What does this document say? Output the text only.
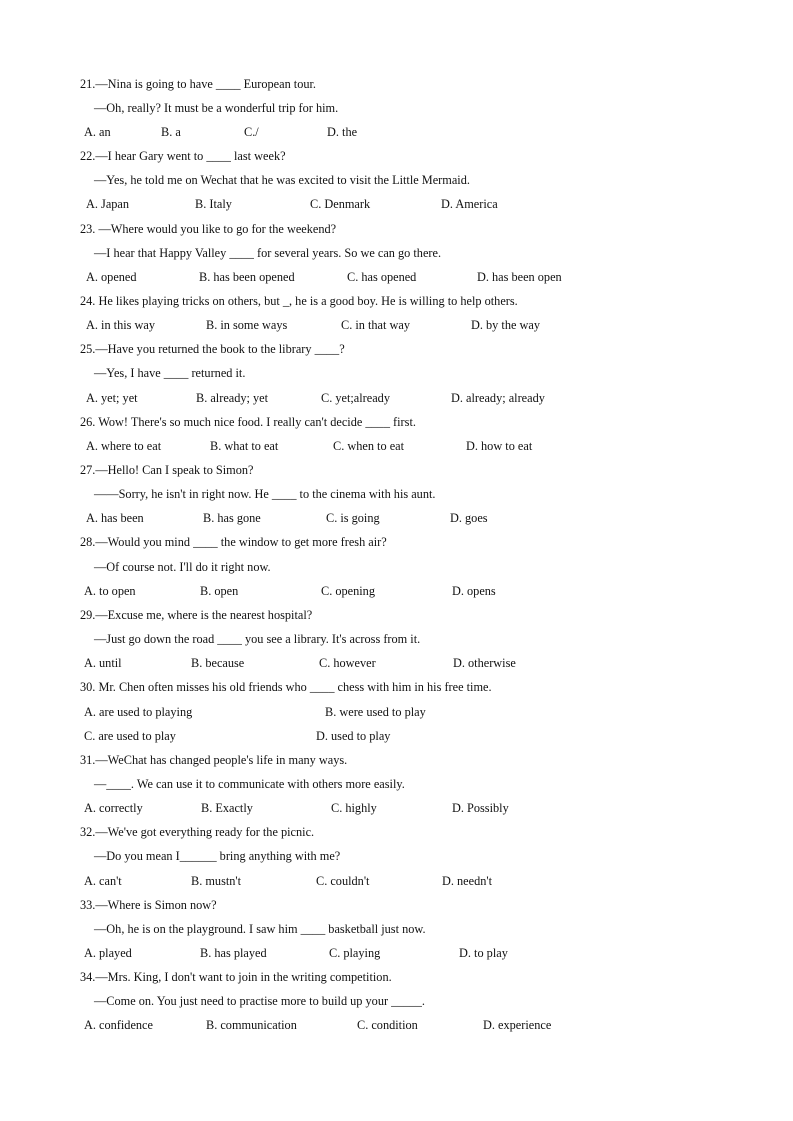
21.—Nina is going to have ____ European tour.
—Oh, really? It must be a wonderful trip for him.
A. an	B. a	C./	D. the
22.—I hear Gary went to ____ last week?
—Yes, he told me on Wechat that he was excited to visit the Little Mermaid.
A. Japan	B. Italy	C. Denmark	D. America
23. —Where would you like to go for the weekend?
—I hear that Happy Valley ____ for several years. So we can go there.
A. opened	B. has been opened	C. has opened	D. has been open
24. He likes playing tricks on others, but _, he is a good boy. He is willing to help others.
A. in this way	B. in some ways	C. in that way	D. by the way
25.—Have you returned the book to the library ____?
—Yes, I have ____ returned it.
A. yet; yet	B. already; yet	C. yet;already	D. already; already
26. Wow! There's so much nice food. I really can't decide ____ first.
A. where to eat	B. what to eat	C. when to eat	D. how to eat
27.—Hello! Can I speak to Simon?
——Sorry, he isn't in right now. He ____ to the cinema with his aunt.
A. has been	B. has gone	C. is going	D. goes
28.—Would you mind ____ the window to get more fresh air?
—Of course not. I'll do it right now.
A. to open	B. open	C. opening	D. opens
29.—Excuse me, where is the nearest hospital?
—Just go down the road ____ you see a library. It's across from it.
A. until	B. because	C. however	D. otherwise
30. Mr. Chen often misses his old friends who ____ chess with him in his free time.
A. are used to playing	B. were used to play
C. are used to play	D. used to play
31.—WeChat has changed people's life in many ways.
—____. We can use it to communicate with others more easily.
A. correctly	B. Exactly	C. highly	D. Possibly
32.—We've got everything ready for the picnic.
—Do you mean I______ bring anything with me?
A. can't	B. mustn't	C. couldn't	D. needn't
33.—Where is Simon now?
—Oh, he is on the playground. I saw him ____ basketball just now.
A. played	B. has played	C. playing	D. to play
34.—Mrs. King, I don't want to join in the writing competition.
—Come on. You just need to practise more to build up your _____.
A. confidence	B. communication	C. condition	D. experience
